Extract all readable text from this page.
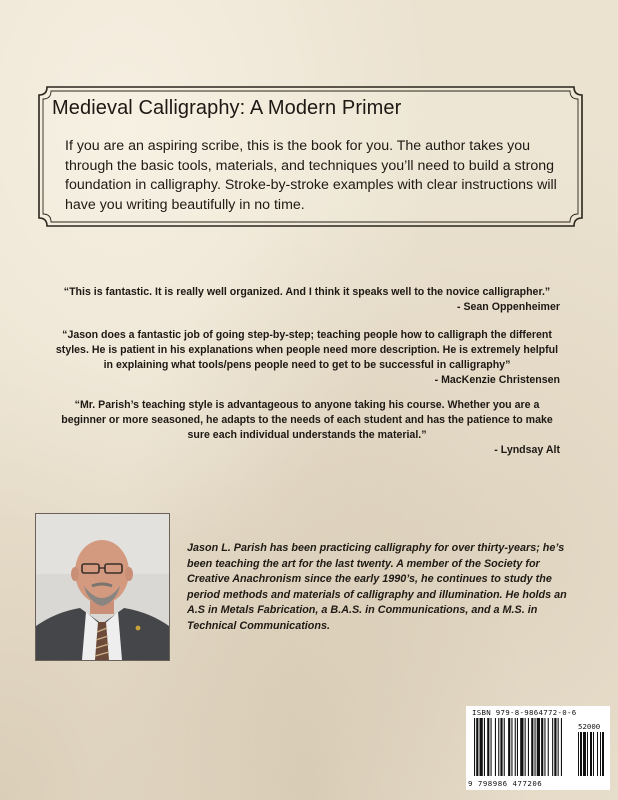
Medieval Calligraphy: A Modern Primer

If you are an aspiring scribe, this is the book for you. The author takes you through the basic tools, materials, and techniques you’ll need to build a strong foundation in calligraphy. Stroke-by-stroke examples with clear instructions will have you writing beautifully in no time.

“This is fantastic. It is really well organized. And I think it speaks well to the novice calligrapher.”

- Sean Oppenheimer

“Jason does a fantastic job of going step-by-step; teaching people how to calligraph the different styles. He is patient in his explanations when people need more description. He is extremely helpful in explaining what tools/pens people need to get to be successful in calligraphy”

- MacKenzie Christensen

“Mr. Parish’s teaching style is advantageous to anyone taking his course. Whether you are a beginner or more seasoned, he adapts to the needs of each student and has the patience to make sure each individual understands the material.”

- Lyndsay Alt

Jason L. Parish has been practicing calligraphy for over thirty-years; he’s been teaching the art for the last twenty. A member of the Society for Creative Anachronism since the early 1990’s, he continues to study the period methods and materials of calligraphy and illumination. He holds an A.S in Metals Fabrication, a B.A.S. in Communications, and a M.S. in Technical Communications.

ISBN 979-8-9864772-0-6

52000

9 798986 477206
